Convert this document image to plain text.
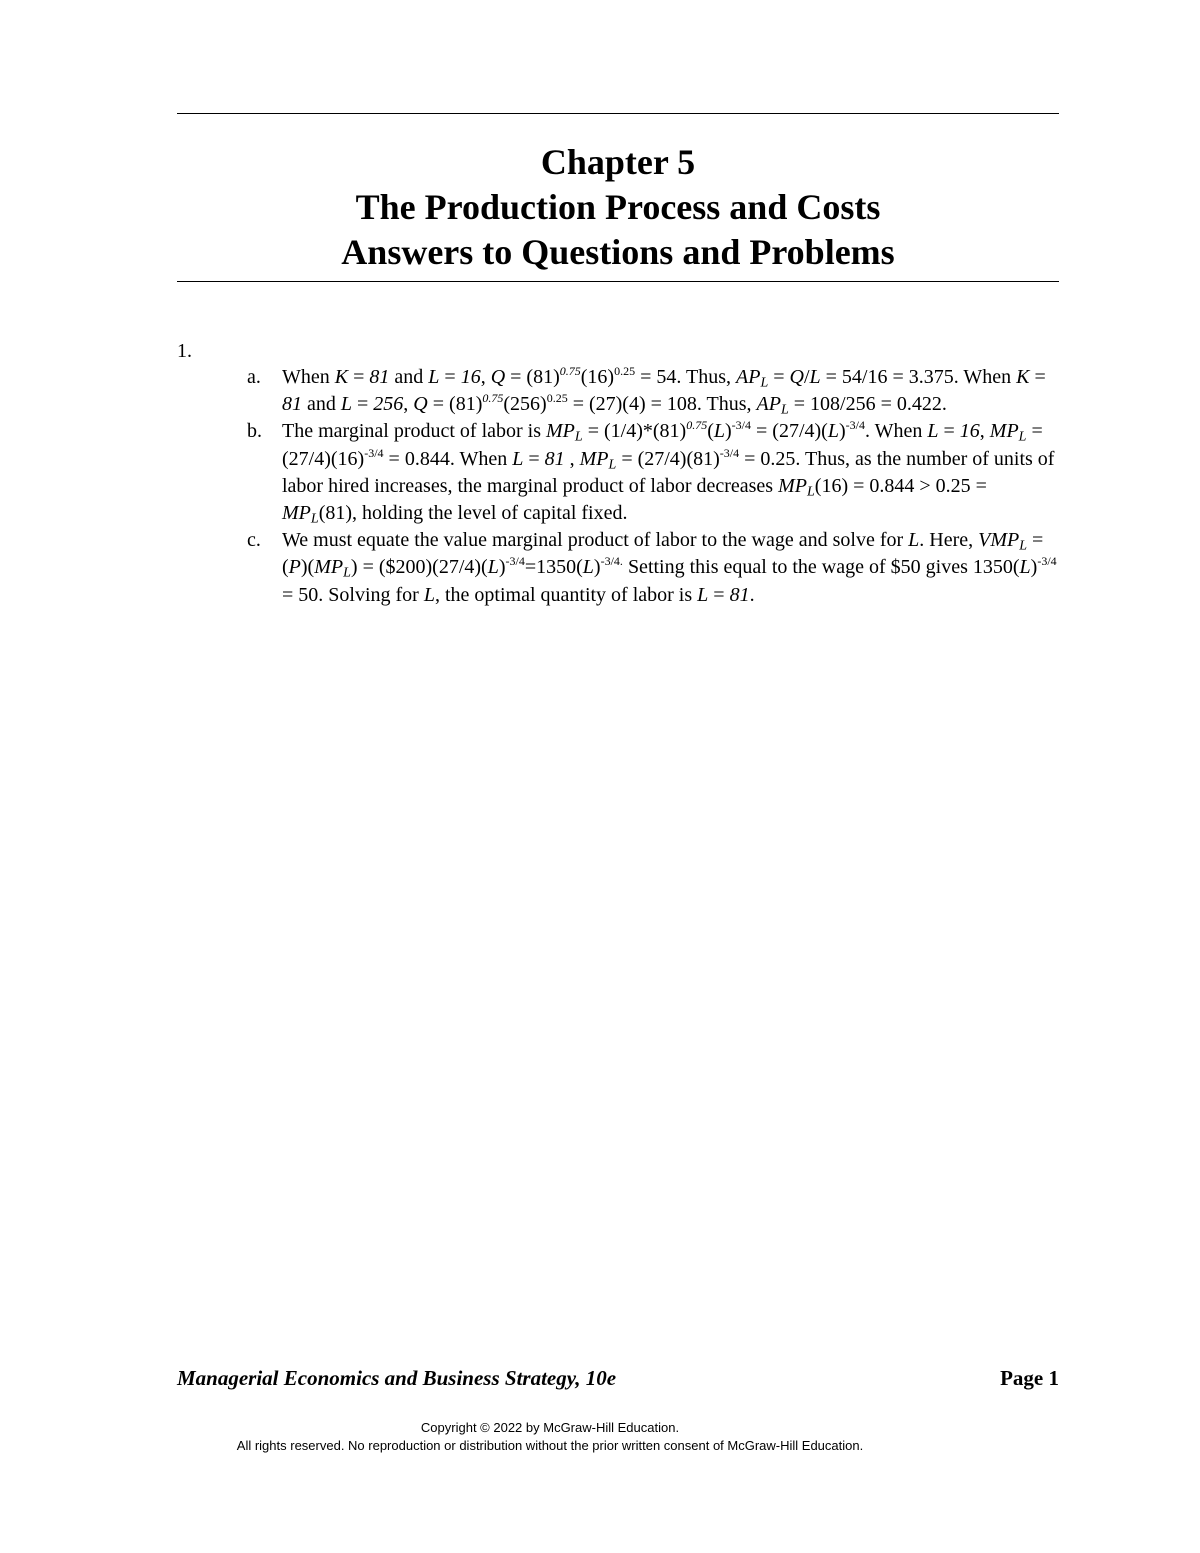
Chapter 5
The Production Process and Costs
Answers to Questions and Problems
1.
a. When K = 81 and L = 16, $Q = (81)^{0.75}(16)^{0.25} = 54$. Thus, $AP_L = Q/L = 54/16 = 3.375$. When K = 81 and L = 256, $Q = (81)^{0.75}(256)^{0.25} = (27)(4) = 108$. Thus, $AP_L = 108/256 = 0.422$.
b. The marginal product of labor is $MP_L = (1/4)*(81)^{0.75}(L)^{-3/4} = (27/4)(L)^{-3/4}$. When L = 16, $MP_L = (27/4)(16)^{-3/4} = 0.844$. When L = 81 , $MP_L = (27/4)(81)^{-3/4} = 0.25$. Thus, as the number of units of labor hired increases, the marginal product of labor decreases $MP_L(16) = 0.844 > 0.25 = MP_L(81)$, holding the level of capital fixed.
c. We must equate the value marginal product of labor to the wage and solve for L. Here, $VMP_L = (P)(MP_L)$ = $(\$200)(27/4)(L)^{-3/4}=1350(L)^{-3/4.}$ Setting this equal to the wage of $50 gives $1350(L)^{-3/4} = 50$. Solving for L, the optimal quantity of labor is L = 81.
Managerial Economics and Business Strategy, 10e	Page 1
Copyright © 2022 by McGraw-Hill Education.
All rights reserved. No reproduction or distribution without the prior written consent of McGraw-Hill Education.
